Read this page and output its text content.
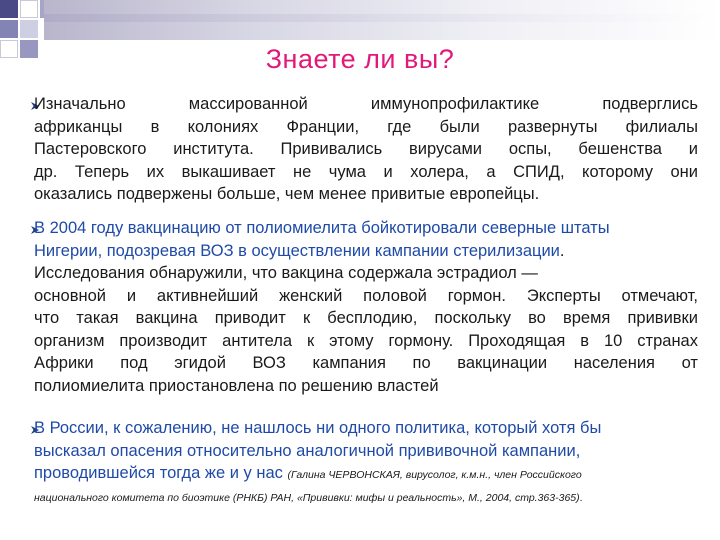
Знаете ли вы?
Изначально массированной иммунопрофилактике подверглись
африканцы в колониях Франции, где были развернуты филиалы
Пастеровского института. Прививались вирусами оспы, бешенства и
др. Теперь их выкашивает не чума и холера, а СПИД, которому они
оказались подвержены больше, чем менее привитые европейцы.
В 2004 году вакцинацию от полиомиелита бойкотировали северные штаты
Нигерии, подозревая ВОЗ в осуществлении кампании стерилизации.
Исследования обнаружили, что вакцина содержала эстрадиол —
основной и активнейший женский половой гормон. Эксперты отмечают,
что такая вакцина приводит к бесплодию, поскольку во время прививки
организм производит антитела к этому гормону. Проходящая в 10 странах
Африки под эгидой ВОЗ кампания по вакцинации населения от
полиомиелита приостановлена по решению властей
В России, к сожалению, не нашлось ни одного политика, который хотя бы
высказал опасения относительно аналогичной прививочной кампании,
проводившейся тогда же и у нас (Галина ЧЕРВОНСКАЯ, вирусолог, к.м.н., член Российского
национального комитета по биоэтике (РНКБ) РАН, «Прививки: мифы и реальность», М., 2004, стр.363-365).
